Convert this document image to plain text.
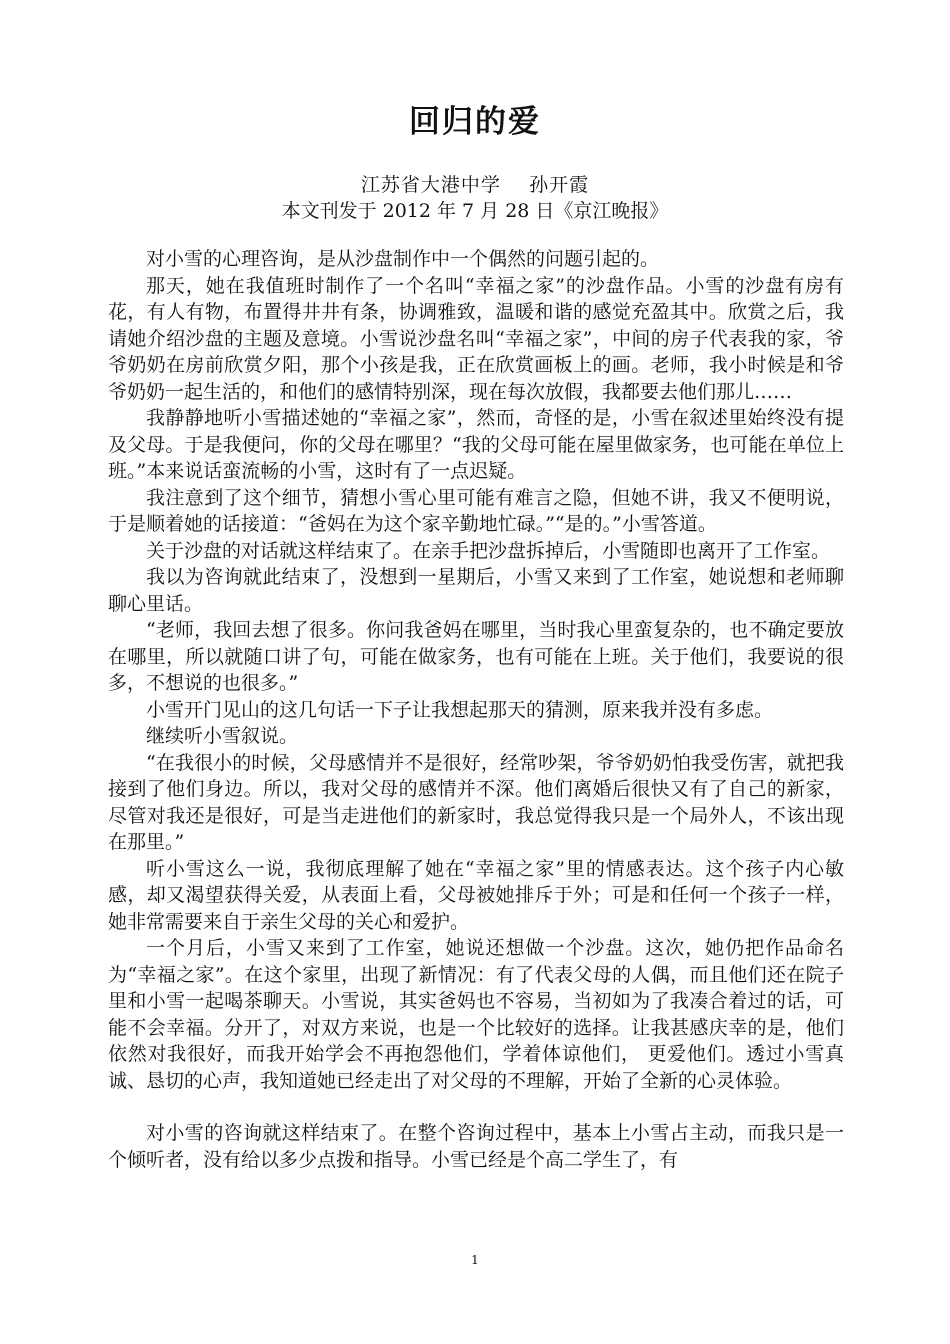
回归的爱
江苏省大港中学    孙开霞
本文刊发于 2012 年 7 月 28 日《京江晚报》

对小雪的心理咨询，是从沙盘制作中一个偶然的问题引起的。

那天，她在我值班时制作了一个名叫“幸福之家”的沙盘作品。小雪的沙盘有房有花，有人有物，布置得井井有条，协调雅致，温暖和谐的感觉充盈其中。欣赏之后，我请她介绍沙盘的主题及意境。小雪说沙盘名叫“幸福之家”，中间的房子代表我的家，爷爷奶奶在房前欣赏夕阳，那个小孩是我，正在欣赏画板上的画。老师，我小时候是和爷爷奶奶一起生活的，和他们的感情特别深，现在每次放假，我都要去他们那儿……

我静静地听小雪描述她的“幸福之家”，然而，奇怪的是，小雪在叙述里始终没有提及父母。于是我便问，你的父母在哪里？“我的父母可能在屋里做家务，也可能在单位上班。”本来说话蛮流畅的小雪，这时有了一点迟疑。

我注意到了这个细节，猜想小雪心里可能有难言之隐，但她不讲，我又不便明说，于是顺着她的话接道：“爸妈在为这个家辛勤地忙碌。”“是的。”小雪答道。

关于沙盘的对话就这样结束了。在亲手把沙盘拆掉后，小雪随即也离开了工作室。

我以为咨询就此结束了，没想到一星期后，小雪又来到了工作室，她说想和老师聊聊心里话。

“老师，我回去想了很多。你问我爸妈在哪里，当时我心里蛮复杂的，也不确定要放在哪里，所以就随口讲了句，可能在做家务，也有可能在上班。关于他们，我要说的很多，不想说的也很多。”

小雪开门见山的这几句话一下子让我想起那天的猜测，原来我并没有多虑。

继续听小雪叙说。

“在我很小的时候，父母感情并不是很好，经常吵架，爷爷奶奶怕我受伤害，就把我接到了他们身边。所以，我对父母的感情并不深。他们离婚后很快又有了自己的新家，尽管对我还是很好，可是当走进他们的新家时，我总觉得我只是一个局外人，不该出现在那里。”

听小雪这么一说，我彻底理解了她在“幸福之家”里的情感表达。这个孩子内心敏感，却又渴望获得关爱，从表面上看，父母被她排斥于外；可是和任何一个孩子一样，她非常需要来自于亲生父母的关心和爱护。

一个月后，小雪又来到了工作室，她说还想做一个沙盘。这次，她仍把作品命名为“幸福之家”。在这个家里，出现了新情况：有了代表父母的人偶，而且他们还在院子里和小雪一起喝茶聊天。小雪说，其实爸妈也不容易，当初如为了我凑合着过的话，可能不会幸福。分开了，对双方来说，也是一个比较好的选择。让我甚感庆幸的是，他们依然对我很好，而我开始学会不再抱怨他们，学着体谅他们， 更爱他们。透过小雪真诚、恳切的心声，我知道她已经走出了对父母的不理解，开始了全新的心灵体验。

对小雪的咨询就这样结束了。在整个咨询过程中，基本上小雪占主动，而我只是一个倾听者，没有给以多少点拨和指导。小雪已经是个高二学生了，有

1
